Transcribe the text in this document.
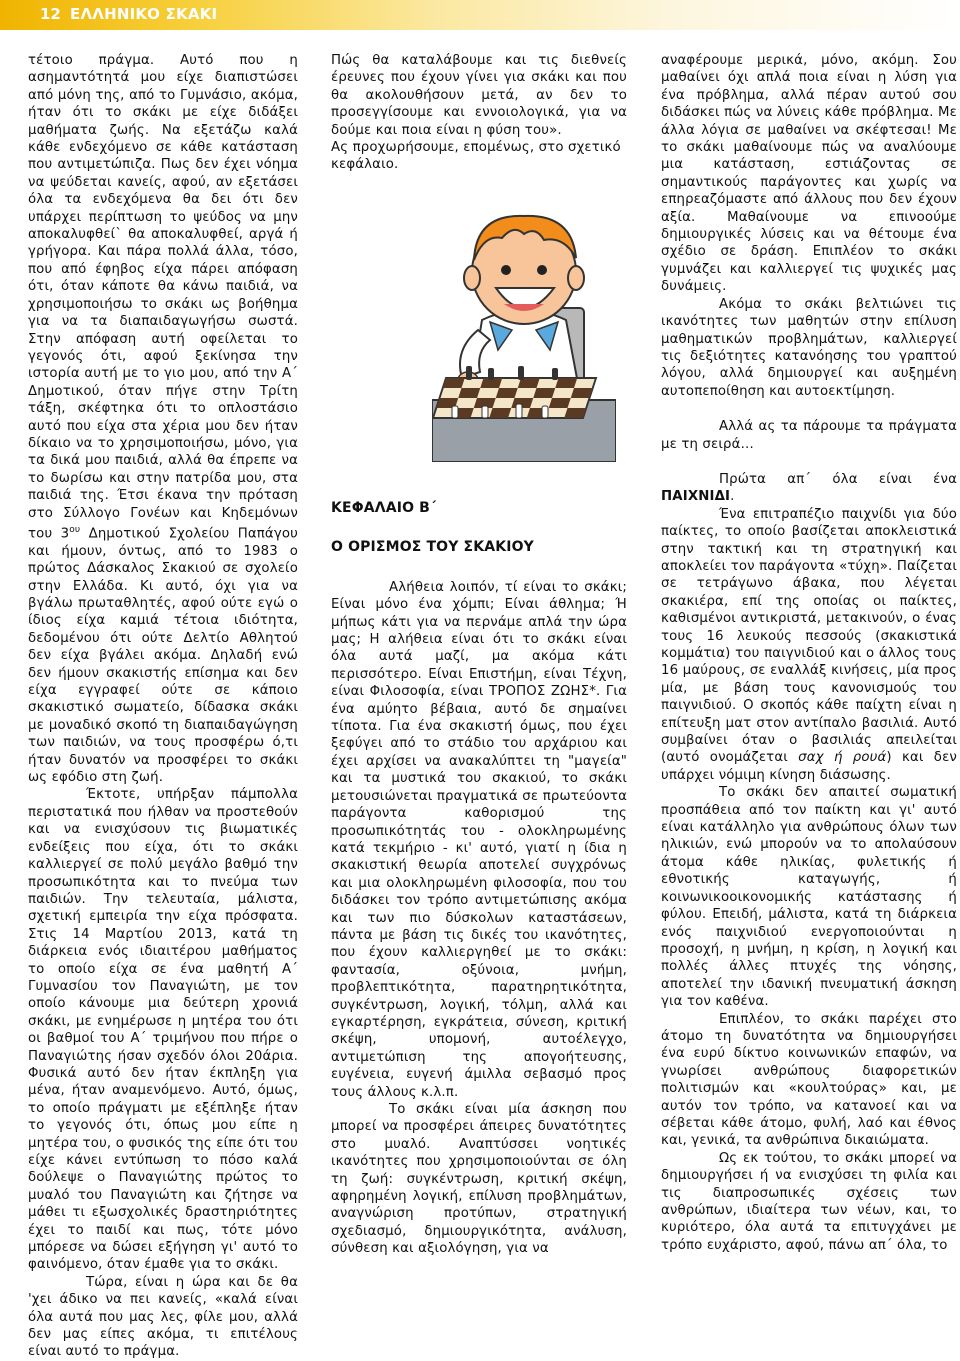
12 ΕΛΛΗΝΙΚΟ ΣΚΑΚΙ

τέτοιο πράγμα. Αυτό που η ασημαντότητά μου είχε διαπιστώσει από μόνη της, από το Γυμνάσιο, ακόμα, ήταν ότι το σκάκι με είχε διδάξει μαθήματα ζωής. Να εξετάζω καλά κάθε ενδεχόμενο σε κάθε κατάσταση που αντιμετώπιζα. Πως δεν έχει νόημα να ψεύδεται κανείς, αφού, αν εξετάσει όλα τα ενδεχόμενα θα δει ότι δεν υπάρχει περίπτωση το ψεύδος να μην αποκαλυφθεί` θα αποκαλυφθεί, αργά ή γρήγορα. Και πάρα πολλά άλλα, τόσο, που από έφηβος είχα πάρει απόφαση ότι, όταν κάποτε θα κάνω παιδιά, να χρησιμοποιήσω το σκάκι ως βοήθημα για να τα διαπαιδαγωγήσω σωστά. Στην απόφαση αυτή οφείλεται το γεγονός ότι, αφού ξεκίνησα την ιστορία αυτή με το γιο μου, από την Α΄ Δημοτικού, όταν πήγε στην Τρίτη τάξη, σκέφτηκα ότι το οπλοστάσιο αυτό που είχα στα χέρια μου δεν ήταν δίκαιο να το χρησιμοποιήσω, μόνο, για τα δικά μου παιδιά, αλλά θα έπρεπε να το δωρίσω και στην πατρίδα μου, στα παιδιά της. Έτσι έκανα την πρόταση στο Σύλλογο Γονέων και Κηδεμόνων του $3^{o\upsilon}$ Δημοτικού Σχολείου Παπάγου και ήμουν, όντως, από το 1983 ο πρώτος Δάσκαλος Σκακιού σε σχολείο στην Ελλάδα. Κι αυτό, όχι για να βγάλω πρωταθλητές, αφού ούτε εγώ ο ίδιος είχα καμιά τέτοια ιδιότητα, δεδομένου ότι ούτε Δελτίο Αθλητού δεν είχα βγάλει ακόμα. Δηλαδή ενώ δεν ήμουν σκακιστής επίσημα και δεν είχα εγγραφεί ούτε σε κάποιο σκακιστικό σωματείο, δίδασκα σκάκι με μοναδικό σκοπό τη διαπαιδαγώγηση των παιδιών, να τους προσφέρω ό,τι ήταν δυνατόν να προσφέρει το σκάκι ως εφόδιο στη ζωή.

Έκτοτε, υπήρξαν πάμπολλα περιστατικά που ήλθαν να προστεθούν και να ενισχύσουν τις βιωματικές ενδείξεις που είχα, ότι το σκάκι καλλιεργεί σε πολύ μεγάλο βαθμό την προσωπικότητα και το πνεύμα των παιδιών. Την τελευταία, μάλιστα, σχετική εμπειρία την είχα πρόσφατα. Στις 14 Μαρτίου 2013, κατά τη διάρκεια ενός ιδιαιτέρου μαθήματος το οποίο είχα σε ένα μαθητή Α΄ Γυμνασίου τον Παναγιώτη, με τον οποίο κάνουμε μια δεύτερη χρονιά σκάκι, με ενημέρωσε η μητέρα του ότι οι βαθμοί του Α΄ τριμήνου που πήρε ο Παναγιώτης ήσαν σχεδόν όλοι 20άρια. Φυσικά αυτό δεν ήταν έκπληξη για μένα, ήταν αναμενόμενο. Αυτό, όμως, το οποίο πράγματι με εξέπληξε ήταν το γεγονός ότι, όπως μου είπε η μητέρα του, ο φυσικός της είπε ότι του είχε κάνει εντύπωση το πόσο καλά δούλεψε ο Παναγιώτης πρώτος το μυαλό του Παναγιώτη και ζήτησε να μάθει τι εξωσχολικές δραστηριότητες έχει το παιδί και πως, τότε μόνο μπόρεσε να δώσει εξήγηση γι' αυτό το φαινόμενο, όταν έμαθε για το σκάκι.

Τώρα, είναι η ώρα και δε θα 'χει άδικο να πει κανείς, «καλά είναι όλα αυτά που μας λες, φίλε μου, αλλά δεν μας είπες ακόμα, τι επιτέλους είναι αυτό το πράγμα.

Πώς θα καταλάβουμε και τις διεθνείς έρευνες που έχουν γίνει για σκάκι και που θα ακολουθήσουν μετά, αν δεν το προσεγγίσουμε και εννοιολογικά, για να δούμε και ποια είναι η φύση του».

Ας προχωρήσουμε, επομένως, στο σχετικό κεφάλαιο.

ΚΕΦΑΛΑΙΟ Β΄

Ο ΟΡΙΣΜΟΣ ΤΟΥ ΣΚΑΚΙΟΥ

Αλήθεια λοιπόν, τί είναι το σκάκι; Είναι μόνο ένα χόμπι; Είναι άθλημα; Ή μήπως κάτι για να περνάμε απλά την ώρα μας; Η αλήθεια είναι ότι το σκάκι είναι όλα αυτά μαζί, μα ακόμα κάτι περισσότερο. Είναι Επιστήμη, είναι Τέχνη, είναι Φιλοσοφία, είναι ΤΡΟΠΟΣ ΖΩΗΣ*. Για ένα αμύητο βέβαια, αυτό δε σημαίνει τίποτα. Για ένα σκακιστή όμως, που έχει ξεφύγει από το στάδιο του αρχάριου και έχει αρχίσει να ανακαλύπτει τη "μαγεία" και τα μυστικά του σκακιού, το σκάκι μετουσιώνεται πραγματικά σε πρωτεύοντα παράγοντα καθορισμού της προσωπικότητάς του - ολοκληρωμένης κατά τεκμήριο - κι' αυτό, γιατί η ίδια η σκακιστική θεωρία αποτελεί συγχρόνως και μια ολοκληρωμένη φιλοσοφία, που του διδάσκει τον τρόπο αντιμετώπισης ακόμα και των πιο δύσκολων καταστάσεων, πάντα με βάση τις δικές του ικανότητες, που έχουν καλλιεργηθεί με το σκάκι: φαντασία, οξύνοια, μνήμη, προβλεπτικότητα, παρατηρητικότητα, συγκέντρωση, λογική, τόλμη, αλλά και εγκαρτέρηση, εγκράτεια, σύνεση, κριτική σκέψη, υπομονή, αυτοέλεγχο, αντιμετώπιση της απογοήτευσης, ευγένεια, ευγενή άμιλλα σεβασμό προς τους άλλους κ.λ.π.

Το σκάκι είναι μία άσκηση που μπορεί να προσφέρει άπειρες δυνατότητες στο μυαλό. Αναπτύσσει νοητικές ικανότητες που χρησιμοποιούνται σε όλη τη ζωή: συγκέντρωση, κριτική σκέψη, αφηρημένη λογική, επίλυση προβλημάτων, αναγνώριση προτύπων, στρατηγική σχεδιασμό, δημιουργικότητα, ανάλυση, σύνθεση και αξιολόγηση, για να

αναφέρουμε μερικά, μόνο, ακόμη. Σου μαθαίνει όχι απλά ποια είναι η λύση για ένα πρόβλημα, αλλά πέραν αυτού σου διδάσκει πώς να λύνεις κάθε πρόβλημα. Με άλλα λόγια σε μαθαίνει να σκέφτεσαι! Με το σκάκι μαθαίνουμε πώς να αναλύουμε μια κατάσταση, εστιάζοντας σε σημαντικούς παράγοντες και χωρίς να επηρεαζόμαστε από άλλους που δεν έχουν αξία. Μαθαίνουμε να επινοούμε δημιουργικές λύσεις και να θέτουμε ένα σχέδιο σε δράση. Επιπλέον το σκάκι γυμνάζει και καλλιεργεί τις ψυχικές μας δυνάμεις.

Ακόμα το σκάκι βελτιώνει τις ικανότητες των μαθητών στην επίλυση μαθηματικών προβλημάτων, καλλιεργεί τις δεξιότητες κατανόησης του γραπτού λόγου, αλλά δημιουργεί και αυξημένη αυτοπεποίθηση και αυτοεκτίμηση.

Αλλά ας τα πάρουμε τα πράγματα με τη σειρά…

Πρώτα απ΄ όλα είναι ένα ΠΑΙΧΝΙΔΙ.

Ένα επιτραπέζιο παιχνίδι για δύο παίκτες, το οποίο βασίζεται αποκλειστικά στην τακτική και τη στρατηγική και αποκλείει τον παράγοντα «τύχη». Παίζεται σε τετράγωνο άβακα, που λέγεται σκακιέρα, επί της οποίας οι παίκτες, καθισμένοι αντικριστά, μετακινούν, ο ένας τους 16 λευκούς πεσσούς (σκακιστικά κομμάτια) του παιγνιδιού και ο άλλος τους 16 μαύρους, σε εναλλάξ κινήσεις, μία προς μία, με βάση τους κανονισμούς του παιγνιδιού. Ο σκοπός κάθε παίχτη είναι η επίτευξη ματ στον αντίπαλο βασιλιά. Αυτό συμβαίνει όταν ο βασιλιάς απειλείται (αυτό ονομάζεται σαχ ή ρουά) και δεν υπάρχει νόμιμη κίνηση διάσωσης.

Το σκάκι δεν απαιτεί σωματική προσπάθεια από τον παίκτη και γι' αυτό είναι κατάλληλο για ανθρώπους όλων των ηλικιών, ενώ μπορούν να το απολαύσουν άτομα κάθε ηλικίας, φυλετικής ή εθνοτικής καταγωγής, ή κοινωνικοοικονομικής κατάστασης ή φύλου. Επειδή, μάλιστα, κατά τη διάρκεια ενός παιχνιδιού ενεργοποιούνται η προσοχή, η μνήμη, η κρίση, η λογική και πολλές άλλες πτυχές της νόησης, αποτελεί την ιδανική πνευματική άσκηση για τον καθένα.

Επιπλέον, το σκάκι παρέχει στο άτομο τη δυνατότητα να δημιουργήσει ένα ευρύ δίκτυο κοινωνικών επαφών, να γνωρίσει ανθρώπους διαφορετικών πολιτισμών και «κουλτούρας» και, με αυτόν τον τρόπο, να κατανοεί και να σέβεται κάθε άτομο, φυλή, λαό και έθνος και, γενικά, τα ανθρώπινα δικαιώματα.

Ως εκ τούτου, το σκάκι μπορεί να δημιουργήσει ή να ενισχύσει τη φιλία και τις διαπροσωπικές σχέσεις των ανθρώπων, ιδιαίτερα των νέων, και, το κυριότερο, όλα αυτά τα επιτυγχάνει με τρόπο ευχάριστο, αφού, πάνω απ΄ όλα, το
